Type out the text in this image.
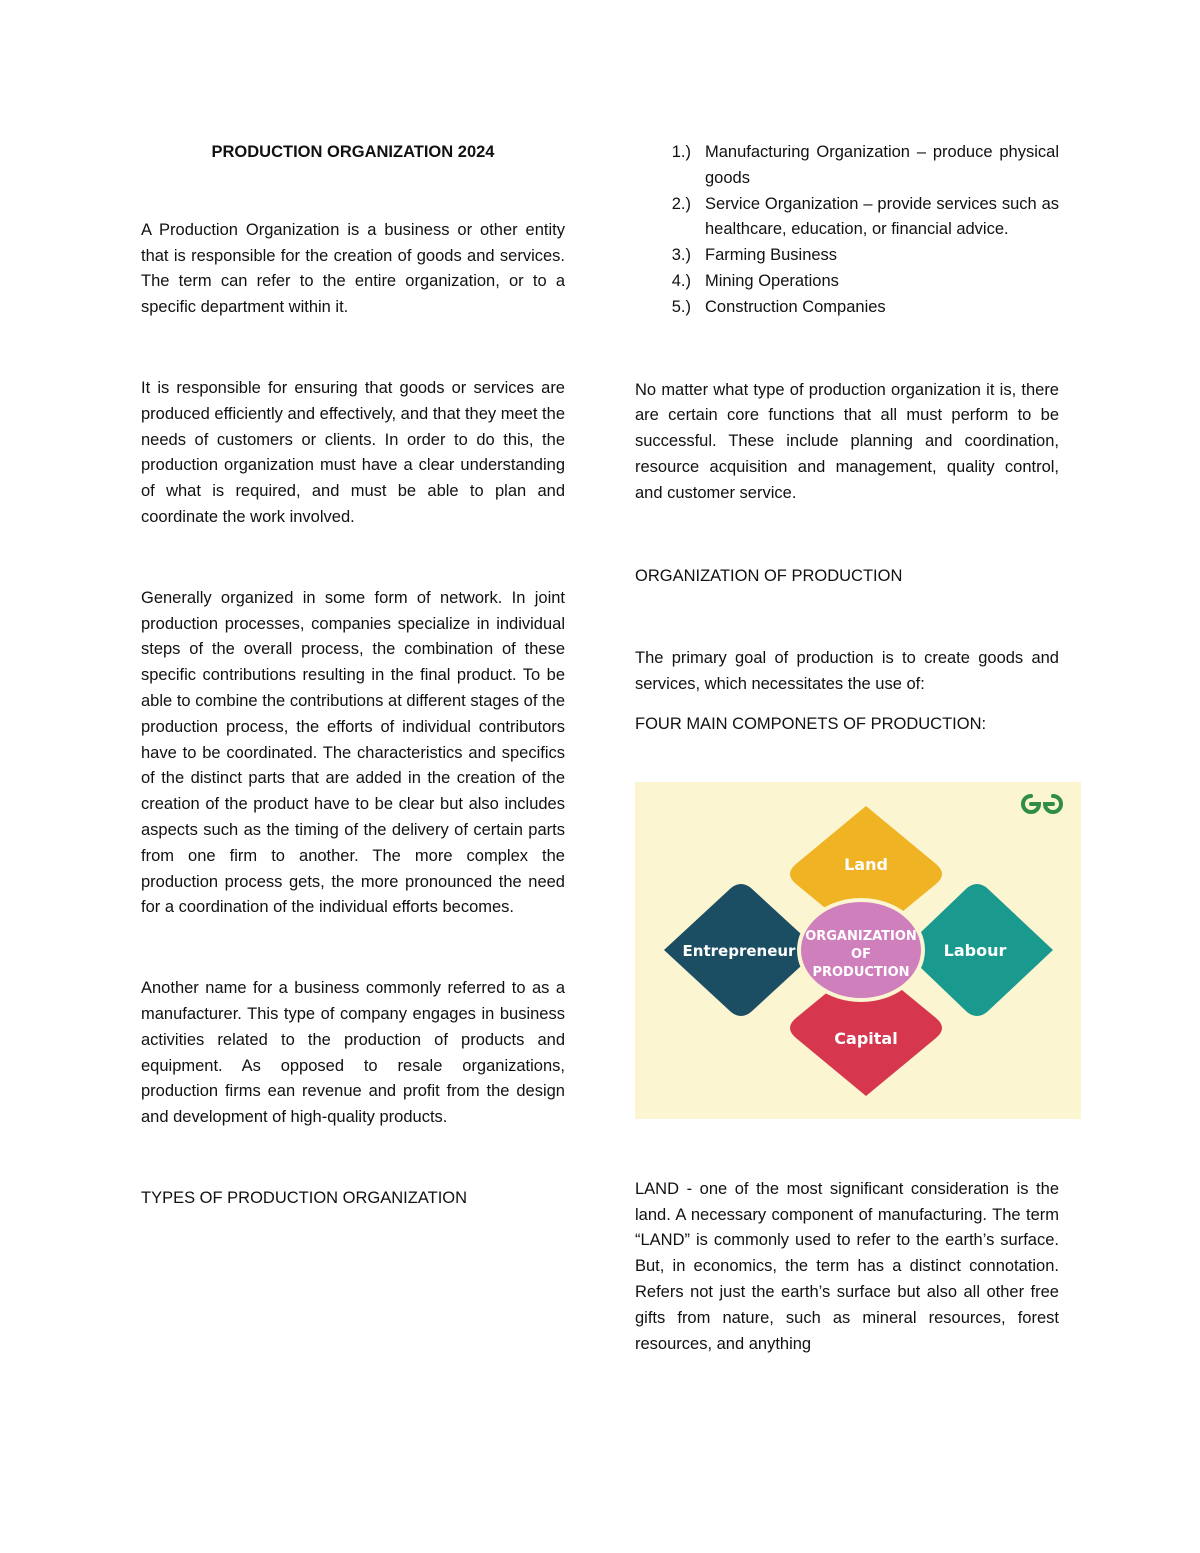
PRODUCTION ORGANIZATION 2024

A Production Organization is a business or other entity that is responsible for the creation of goods and services. The term can refer to the entire organization, or to a specific department within it.

It is responsible for ensuring that goods or services are produced efficiently and effectively, and that they meet the needs of customers or clients. In order to do this, the production organization must have a clear understanding of what is required, and must be able to plan and coordinate the work involved.

Generally organized in some form of network. In joint production processes, companies specialize in individual steps of the overall process, the combination of these specific contributions resulting in the final product. To be able to combine the contributions at different stages of the production process, the efforts of individual contributors have to be coordinated. The characteristics and specifics of the distinct parts that are added in the creation of the creation of the product have to be clear but also includes aspects such as the timing of the delivery of certain parts from one firm to another. The more complex the production process gets, the more pronounced the need for a coordination of the individual efforts becomes.

Another name for a business commonly referred to as a manufacturer. This type of company engages in business activities related to the production of products and equipment. As opposed to resale organizations, production firms ean revenue and profit from the design and development of high-quality products.

TYPES OF PRODUCTION ORGANIZATION

1.) Manufacturing Organization – produce physical goods
2.) Service Organization – provide services such as healthcare, education, or financial advice.
3.) Farming Business
4.) Mining Operations
5.) Construction Companies

No matter what type of production organization it is, there are certain core functions that all must perform to be successful. These include planning and coordination, resource acquisition and management, quality control, and customer service.

ORGANIZATION OF PRODUCTION

The primary goal of production is to create goods and services, which necessitates the use of:

FOUR MAIN COMPONETS OF PRODUCTION:

Land
Capital
Entrepreneur	Labour
ORGANIZATION
OF
PRODUCTION

LAND - one of the most significant consideration is the land. A necessary component of manufacturing. The term “LAND” is commonly used to refer to the earth’s surface. But, in economics, the term has a distinct connotation. Refers not just the earth’s surface but also all other free gifts from nature, such as mineral resources, forest resources, and anything
